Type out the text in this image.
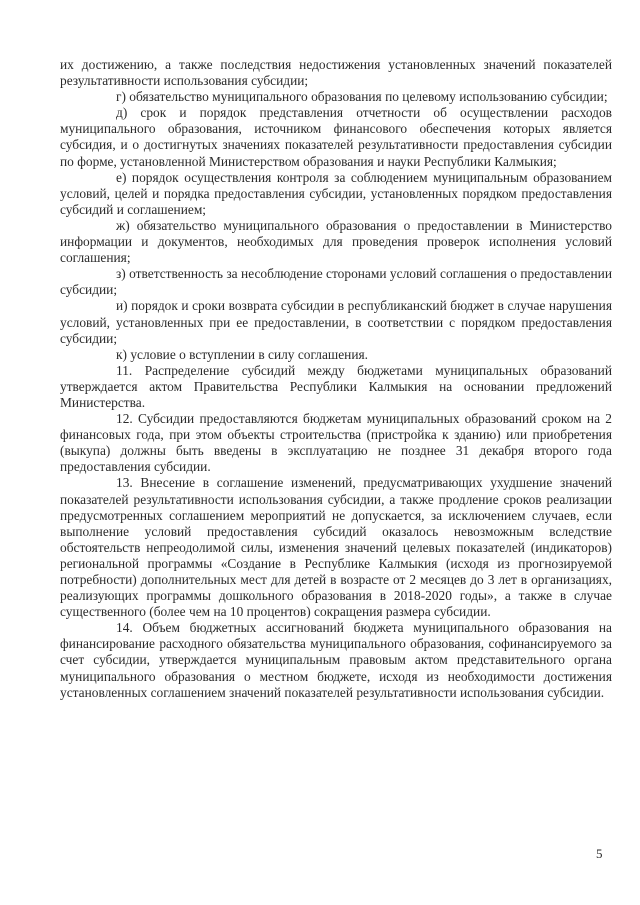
их достижению, а также последствия недостижения установленных значений показателей результативности использования субсидии;

г) обязательство муниципального образования по целевому использованию субсидии;

д) срок и порядок представления отчетности об осуществлении расходов муниципального образования, источником финансового обеспечения которых является субсидия, и о достигнутых значениях показателей результативности предоставления субсидии по форме, установленной Министерством образования и науки Республики Калмыкия;

е) порядок осуществления контроля за соблюдением муниципальным образованием условий, целей и порядка предоставления субсидии, установленных порядком предоставления субсидий и соглашением;

ж) обязательство муниципального образования о предоставлении в Министерство информации и документов, необходимых для проведения проверок исполнения условий соглашения;

з) ответственность за несоблюдение сторонами условий соглашения о предоставлении субсидии;

и) порядок и сроки возврата субсидии в республиканский бюджет в случае нарушения условий, установленных при ее предоставлении, в соответствии с порядком предоставления субсидии;

к) условие о вступлении в силу соглашения.

11. Распределение субсидий между бюджетами муниципальных образований утверждается актом Правительства Республики Калмыкия на основании предложений Министерства.

12. Субсидии предоставляются бюджетам муниципальных образований сроком на 2 финансовых года, при этом объекты строительства (пристройка к зданию) или приобретения (выкупа) должны быть введены в эксплуатацию не позднее 31 декабря второго года предоставления субсидии.

13. Внесение в соглашение изменений, предусматривающих ухудшение значений показателей результативности использования субсидии, а также продление сроков реализации предусмотренных соглашением мероприятий не допускается, за исключением случаев, если выполнение условий предоставления субсидий оказалось невозможным вследствие обстоятельств непреодолимой силы, изменения значений целевых показателей (индикаторов) региональной программы «Создание в Республике Калмыкия (исходя из прогнозируемой потребности) дополнительных мест для детей в возрасте от 2 месяцев до 3 лет в организациях, реализующих программы дошкольного образования в 2018-2020 годы», а также в случае существенного (более чем на 10 процентов) сокращения размера субсидии.

14. Объем бюджетных ассигнований бюджета муниципального образования на финансирование расходного обязательства муниципального образования, софинансируемого за счет субсидии, утверждается муниципальным правовым актом представительного органа муниципального образования о местном бюджете, исходя из необходимости достижения установленных соглашением значений показателей результативности использования субсидии.

5
